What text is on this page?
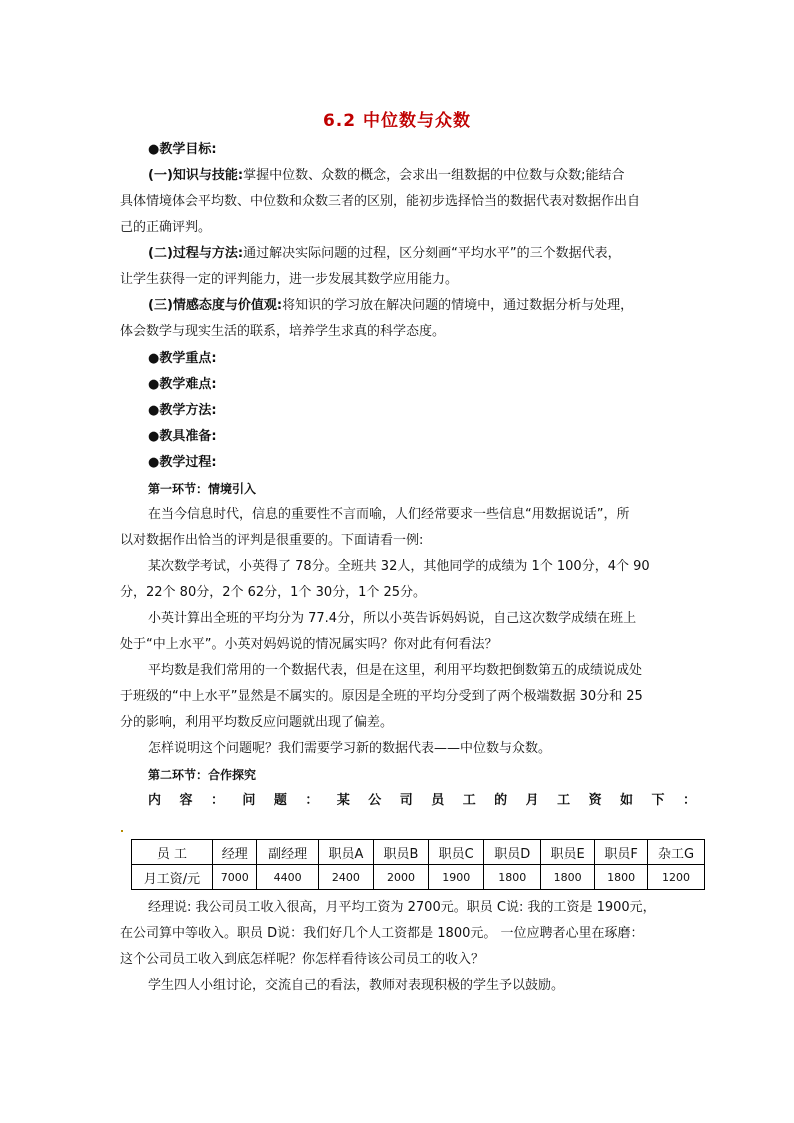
6.2 中位数与众数
●教学目标:
(一)知识与技能:掌握中位数、众数的概念，会求出一组数据的中位数与众数;能结合
具体情境体会平均数、中位数和众数三者的区别，能初步选择恰当的数据代表对数据作出自
己的正确评判。
(二)过程与方法:通过解决实际问题的过程，区分刻画“平均水平”的三个数据代表，
让学生获得一定的评判能力，进一步发展其数学应用能力。
(三)情感态度与价值观:将知识的学习放在解决问题的情境中，通过数据分析与处理，
体会数学与现实生活的联系，培养学生求真的科学态度。
●教学重点:
●教学难点:
●教学方法:
●教具准备:
●教学过程:
第一环节：情境引入
在当今信息时代，信息的重要性不言而喻，人们经常要求一些信息“用数据说话”，所
以对数据作出恰当的评判是很重要的。下面请看一例:
某次数学考试，小英得了 78分。全班共 32人，其他同学的成绩为 1个 100分，4个 90
分，22个 80分，2个 62分，1个 30分，1个 25分。
小英计算出全班的平均分为 77.4分，所以小英告诉妈妈说，自己这次数学成绩在班上
处于“中上水平”。小英对妈妈说的情况属实吗？你对此有何看法？
平均数是我们常用的一个数据代表，但是在这里，利用平均数把倒数第五的成绩说成处
于班级的“中上水平”显然是不属实的。原因是全班的平均分受到了两个极端数据 30分和 25
分的影响，利用平均数反应问题就出现了偏差。
怎样说明这个问题呢？我们需要学习新的数据代表——中位数与众数。
第二环节：合作探究
内 容 ： 问 题 ： 某 公 司 员 工 的 月 工 资 如 下 ：
员 工	经理	副经理	职员A	职员B	职员C	职员D	职员E	职员F	杂工G
月工资/元	7000	4400	2400	2000	1900	1800	1800	1800	1200
经理说: 我公司员工收入很高，月平均工资为 2700元。职员 C说: 我的工资是 1900元，
在公司算中等收入。职员 D说：我们好几个人工资都是 1800元。 一位应聘者心里在琢磨：
这个公司员工收入到底怎样呢？你怎样看待该公司员工的收入？
学生四人小组讨论，交流自己的看法，教师对表现积极的学生予以鼓励。
